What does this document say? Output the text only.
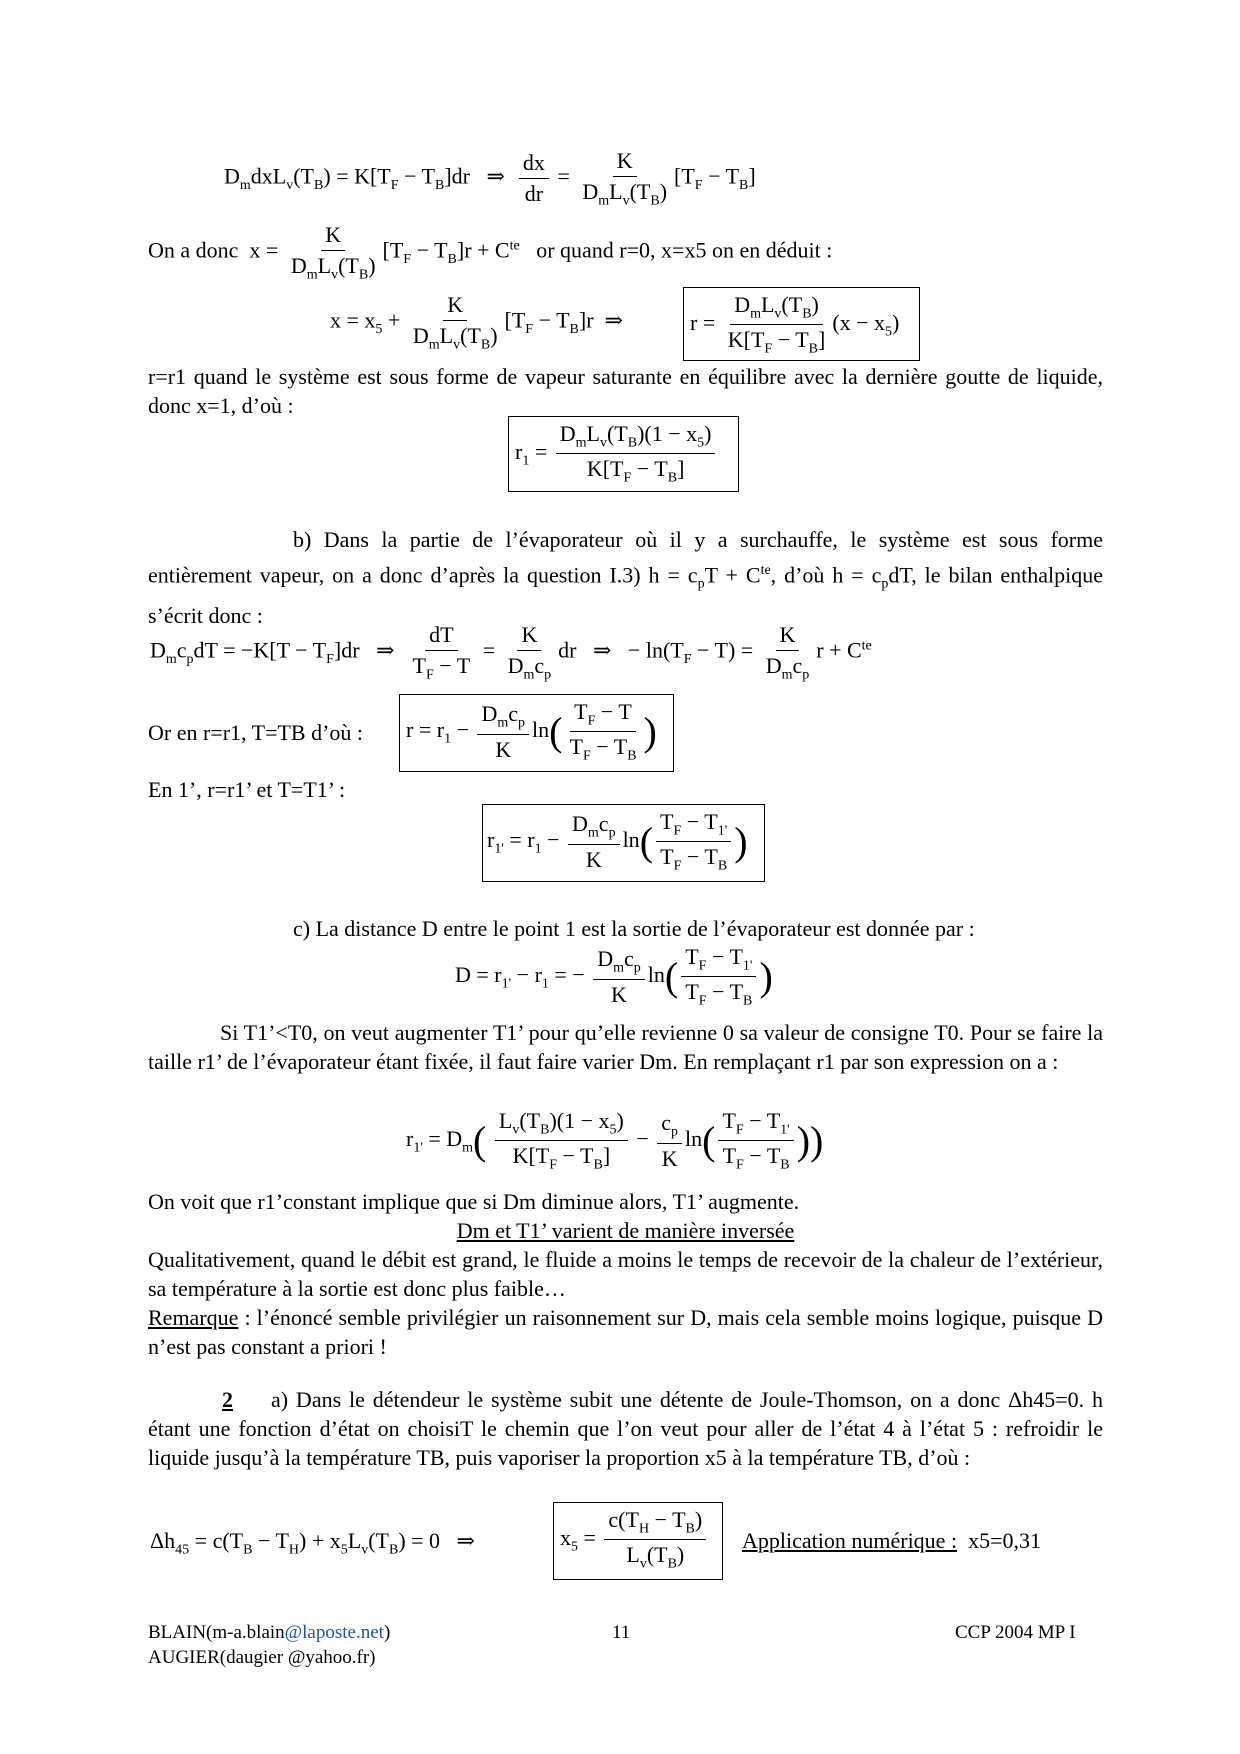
$D_mdxL_v(T_B) = K[T_F - T_B]dr$   ⇒ $\frac{dx}{dr} = \frac{K}{D_mL_v(T_B)} [T_F - T_B]$
On a donc  $x = \frac{K}{D_mL_v(T_B)} [T_F - T_B]r + C^{te}$ or quand r=0, x=x5 on en déduit :
$x = x_5 + \frac{K}{D_mL_v(T_B)} [T_F - T_B]r$  ⇒	$r = \frac{D_mL_v(T_B)}{K[T_F - T_B]} (x - x_5)$
r=r1 quand le système est sous forme de vapeur saturante en équilibre avec la dernière goutte de liquide, donc x=1, d’où :
$r_1 = \frac{D_mL_v(T_B)(1 - x_5)}{K[T_F - T_B]}$
b) Dans la partie de l’évaporateur où il y a surchauffe, le système est sous forme entièrement vapeur, on a donc d’après la question I.3) $h = c_pT + C^{te}$, d’où $h = c_pdT$, le bilan enthalpique s’écrit donc :
$D_mc_pdT = -K[T - T_F]dr$   ⇒ $\frac{dT}{T_F - T} = \frac{K}{D_mc_p}$ dr   ⇒   − $\ln(T_F - T) = \frac{K}{D_mc_p}$ $r + C^{te}$
Or en r=r1, T=TB d’où : $r = r_1 - \frac{D_mc_p}{K} \ln( \frac{T_F - T}{T_F - T_B}$ )
En 1’, r=r1’ et T=T1’ :
$r_{1'} = r_1 - \frac{D_mc_p}{K} \ln( \frac{T_F - T_{1'}}{T_F - T_B}$ )
c) La distance D entre le point 1 est la sortie de l’évaporateur est donnée par :
$D = r_{1'} - r_1$ = − $\frac{D_mc_p}{K} \ln( \frac{T_F - T_{1'}}{T_F - T_B}$ )
Si T1’<T0, on veut augmenter T1’ pour qu’elle revienne 0 sa valeur de consigne T0. Pour se faire la taille r1’ de l’évaporateur étant fixée, il faut faire varier Dm. En remplaçant r1 par son expression on a :
$r_{1'} = D_m( \frac{L_v(T_B)(1 - x_5)}{K[T_F - T_B]} - \frac{c_p}{K} \ln( \frac{T_F - T_{1'}}{T_F - T_B}$ ))
On voit que r1’constant implique que si Dm diminue alors, T1’ augmente.
Dm et T1’ varient de manière inversée
Qualitativement, quand le débit est grand, le fluide a moins le temps de recevoir de la chaleur de l’extérieur, sa température à la sortie est donc plus faible…
Remarque : l’énoncé semble privilégier un raisonnement sur D, mais cela semble moins logique, puisque D n’est pas constant a priori !
2 a) Dans le détendeur le système subit une détente de Joule-Thomson, on a donc Δh45=0. h étant une fonction d’état on choisiT le chemin que l’on veut pour aller de l’état 4 à l’état 5 : refroidir le liquide jusqu’à la température TB, puis vaporiser la proportion x5 à la température TB, d’où :
$\Delta h_{45} = c(T_B - T_H) + x_5L_v(T_B) = 0$   ⇒	$x_5 = \frac{c(T_H - T_B)}{L_v(T_B)}$ Application numérique : x5=0,31
BLAIN(m-a.blain@laposte.net)
AUGIER(daugier @yahoo.fr)
11	CCP 2004 MP I
